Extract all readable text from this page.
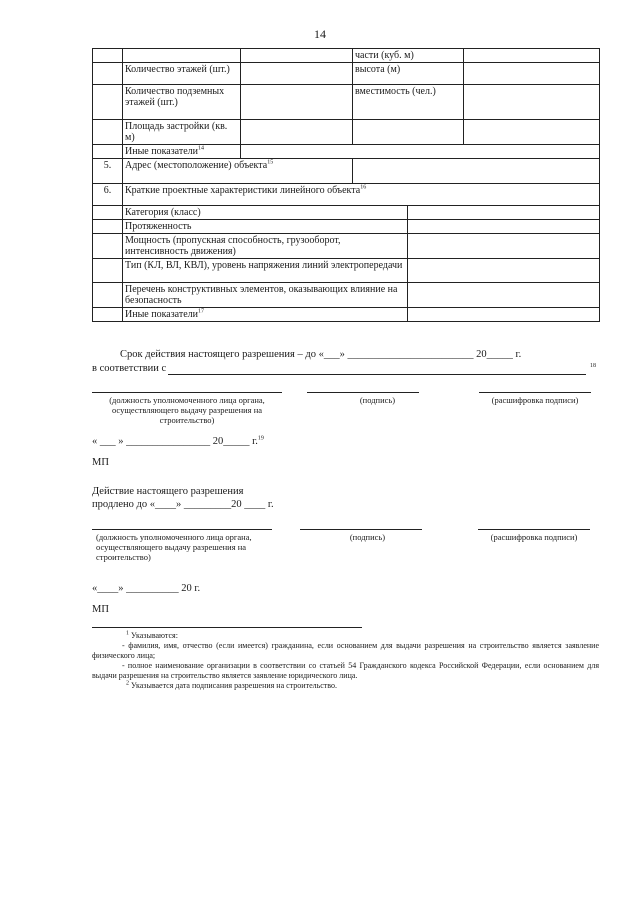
14
			части (куб. м)		
	Количество этажей (шт.)		высота (м)		
	Количество подземных этажей (шт.)		вместимость (чел.)		
	Площадь застройки (кв. м)				
	Иные показатели$^{14}$	
5.	Адрес (местоположение) объекта$^{15}$	
6.	Краткие проектные характеристики линейного объекта$^{16}$
	Категория (класс)				
	Протяженность				
	Мощность (пропускная способность, грузооборот, интенсивность движения)				
	Тип (КЛ, ВЛ, КВЛ), уровень напряжения линий электропередачи				
	Перечень конструктивных элементов, оказывающих влияние на безопасность				
	Иные показатели$^{17}$	
Срок действия настоящего разрешения – до «___» ________________________ 20_____ г.
в соответствии с	18
(должность уполномоченного лица органа, осуществляющего выдачу разрешения на строительство)
(подпись)	(расшифровка подписи)
« ___ » ________________ 20_____ г.$^{19}$
МП
Действие настоящего разрешения
продлено до «____» _________20 ____ г.
(должность уполномоченного лица органа, осуществляющего выдачу разрешения на строительство)
(подпись)	(расшифровка подписи)
«____» __________ 20 г.
МП
$^1$ Указываются:
- фамилия, имя, отчество (если имеется) гражданина, если основанием для выдачи разрешения на строительство является заявление физического лица;
- полное наименование организации в соответствии со статьей 54 Гражданского кодекса Российской Федерации, если основанием для выдачи разрешения на строительство является заявление юридического лица.
$^2$ Указывается дата подписания разрешения на строительство.
